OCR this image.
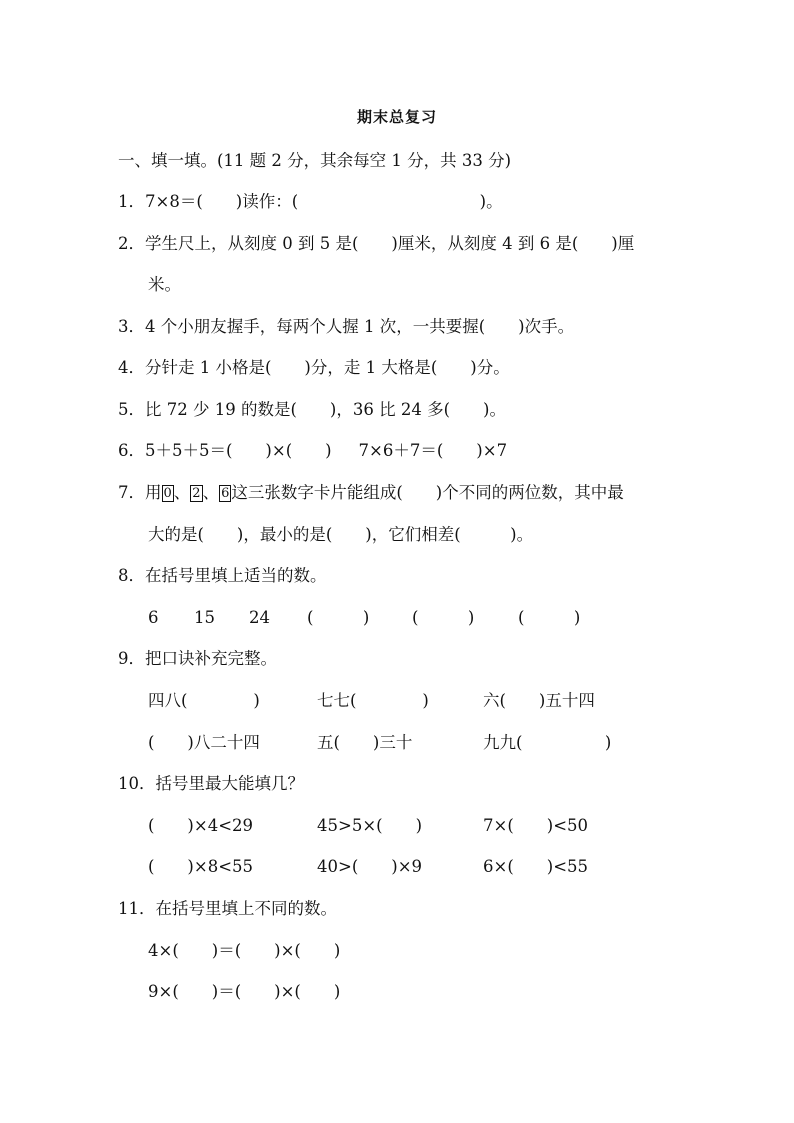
期末总复习
一、填一填。(11 题 2 分，其余每空 1 分，共 33 分)
1．7×8＝(　　)读作：(　　　　　　　　　　　)。
2．学生尺上，从刻度 0 到 5 是(　　)厘米，从刻度 4 到 6 是(　　)厘
米。
3．4 个小朋友握手，每两个人握 1 次，一共要握(　　)次手。
4．分针走 1 小格是(　　)分，走 1 大格是(　　)分。
5．比 72 少 19 的数是(　　)，36 比 24 多(　　)。
6．5＋5＋5＝(　　)×(　　)　  7×6＋7＝(　　)×7
7．用 0 、 2 、 6 这三张数字卡片能组成(　　)个不同的两位数，其中最
大的是(　　)，最小的是(　　)，它们相差(　　　)。
8．在括号里填上适当的数。
6 15 24 (　　　)	(　　　)	(　　　)
9．把口诀补充完整。
四八(　　　　)	七七(　　　　)	六(　　)五十四
(　　)八二十四	五(　　)三十	九九(　　　　　)
10．括号里最大能填几？
(　　)×4<29	45>5×(　　)	7×(　　)<50
(　　)×8<55	40>(　　)×9	6×(　　)<55
11．在括号里填上不同的数。
4×(　　)＝(　　)×(　　)
9×(　　)＝(　　)×(　　)
